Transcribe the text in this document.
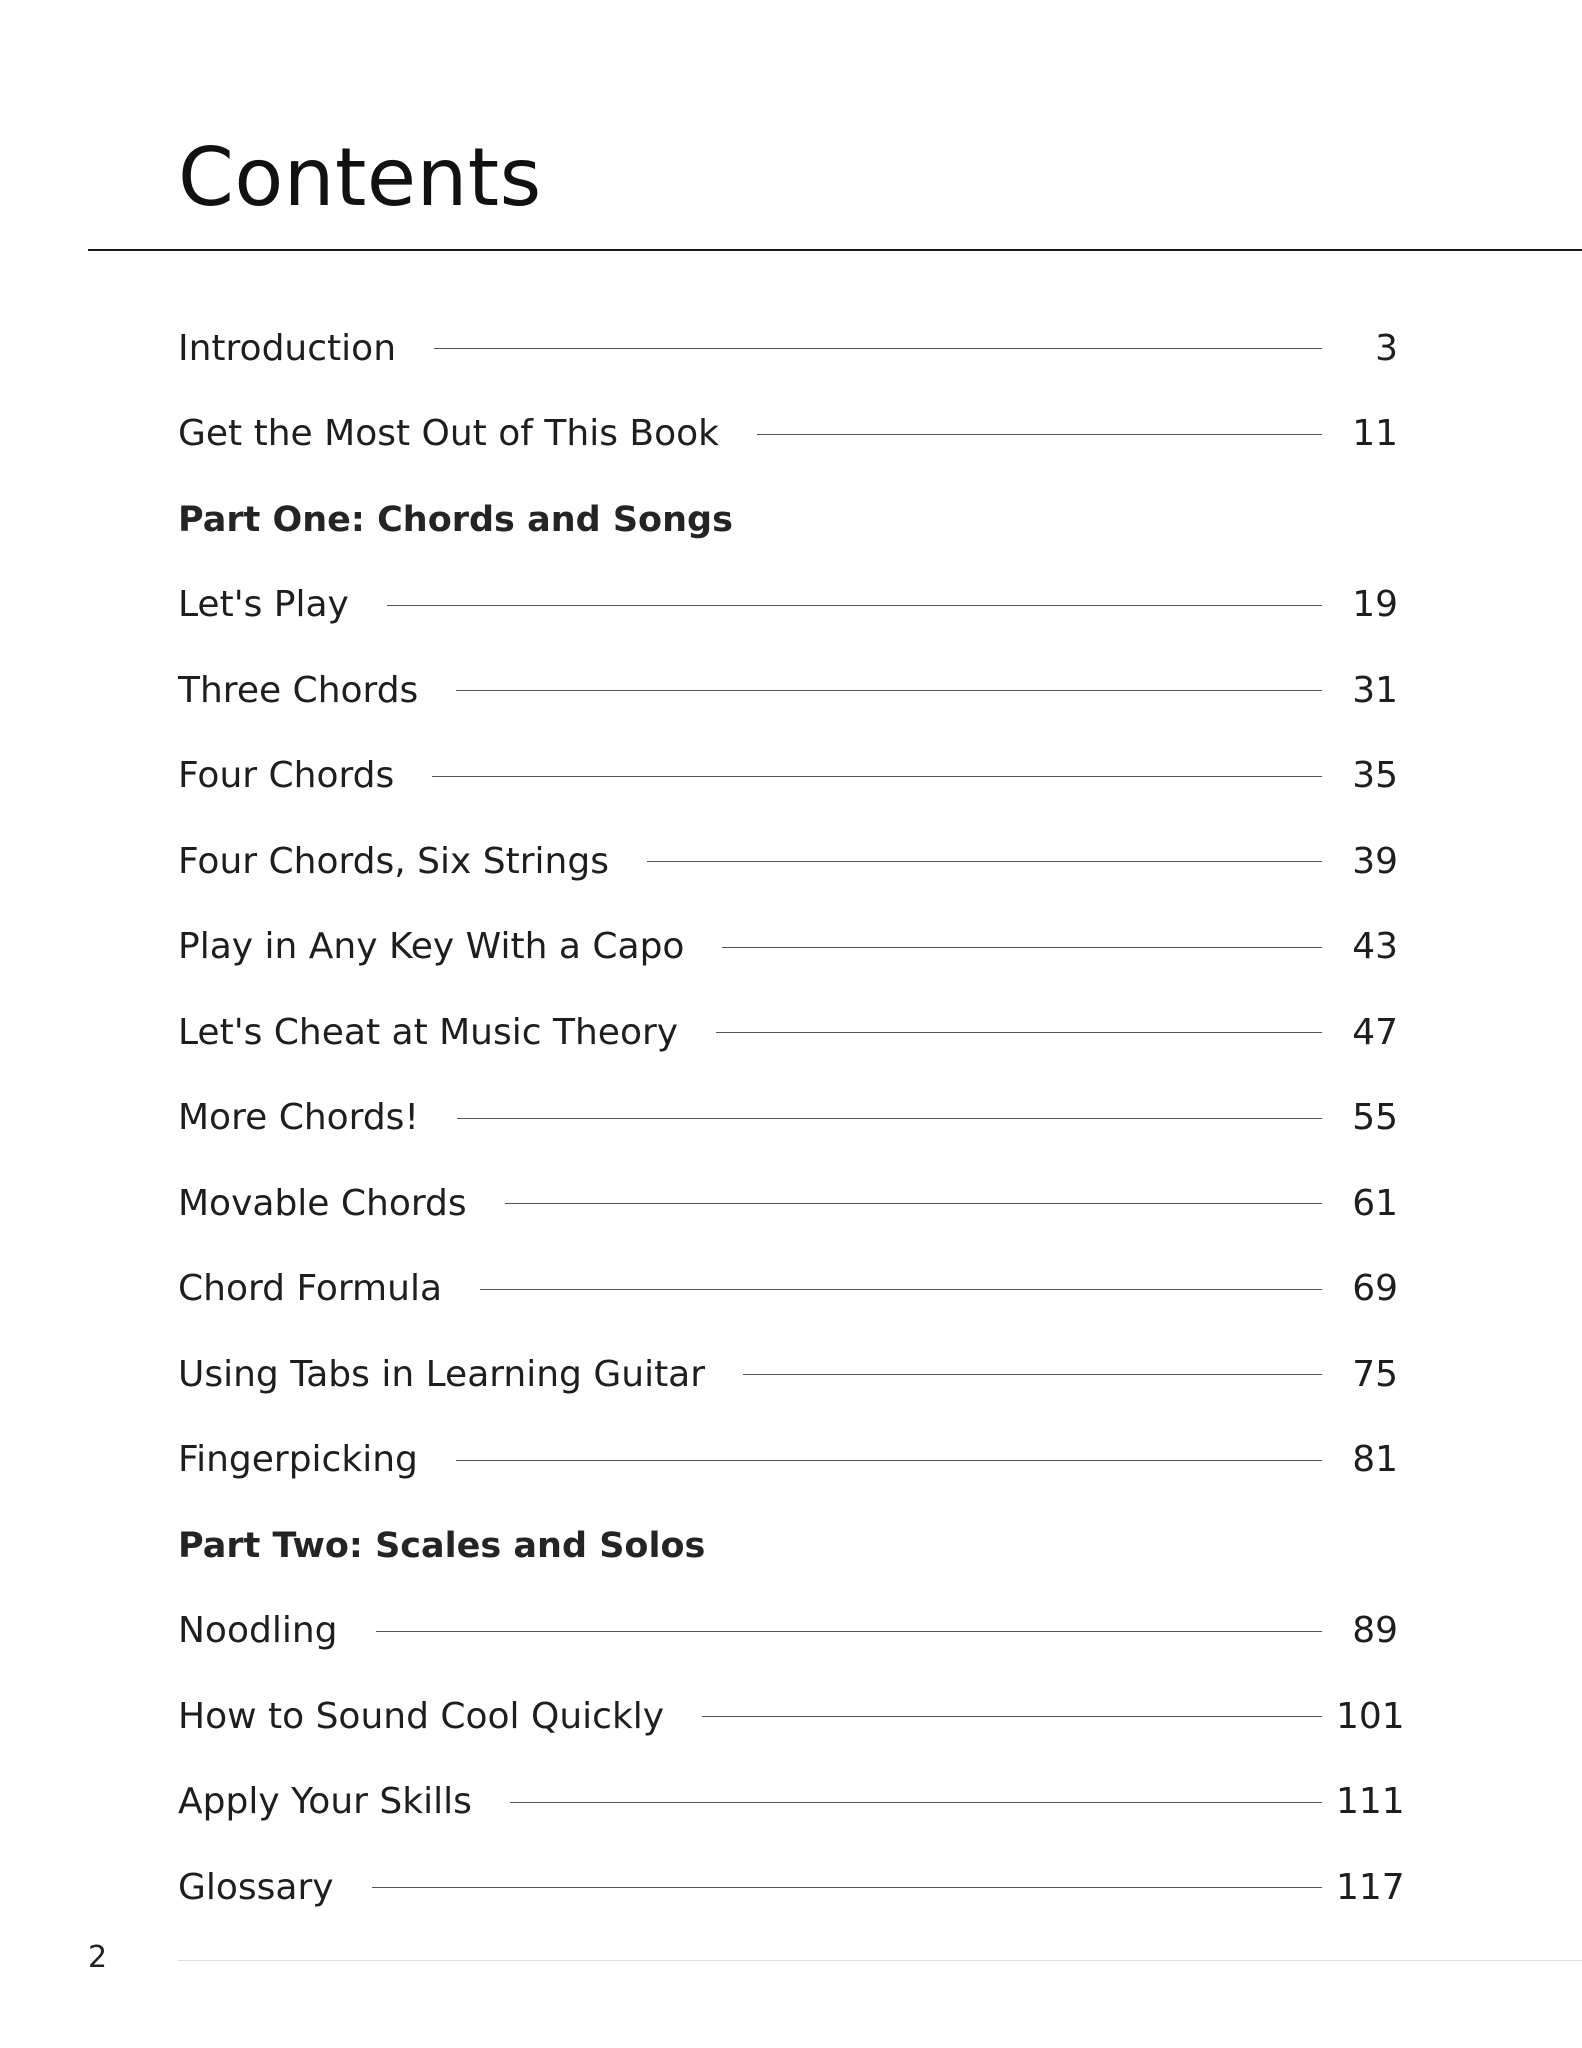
Contents
Introduction	3
Get the Most Out of This Book	11
Part One: Chords and Songs
Let's Play	19
Three Chords	31
Four Chords	35
Four Chords, Six Strings	39
Play in Any Key With a Capo	43
Let's Cheat at Music Theory	47
More Chords!	55
Movable Chords	61
Chord Formula	69
Using Tabs in Learning Guitar	75
Fingerpicking	81
Part Two: Scales and Solos
Noodling	89
How to Sound Cool Quickly	101
Apply Your Skills	111
Glossary	117
2
